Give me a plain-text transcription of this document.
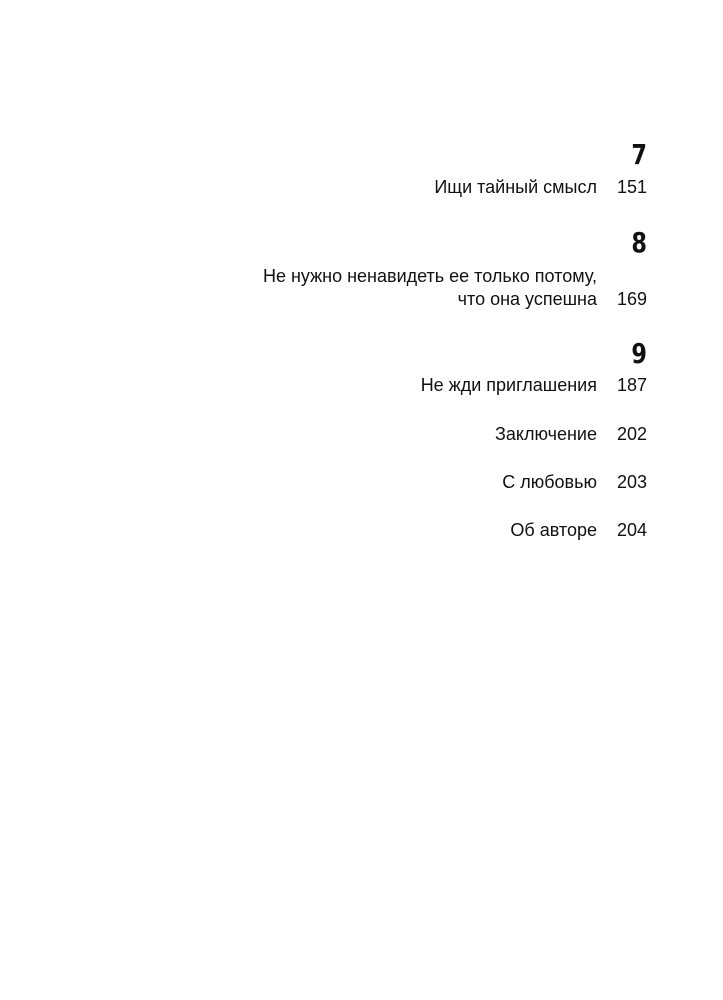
7
Ищи тайный смысл	151
8
Не нужно ненавидеть ее только потому,
что она успешна	169
9
Не жди приглашения	187
Заключение	202
С любовью	203
Об авторе	204
